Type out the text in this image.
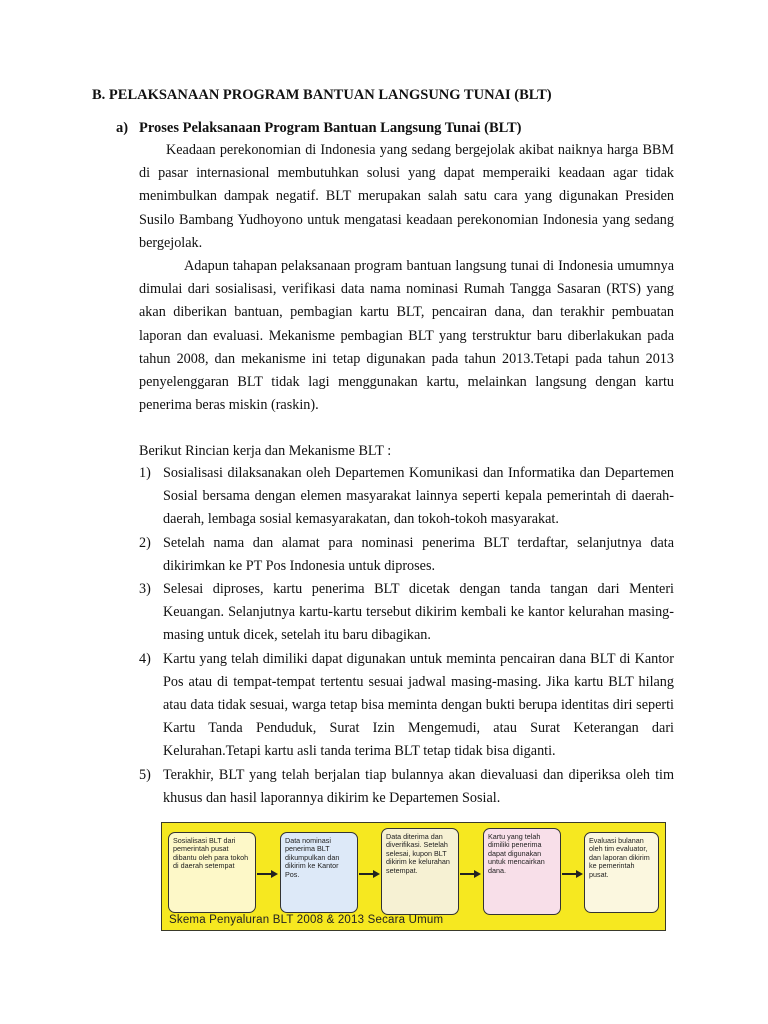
B. PELAKSANAAN PROGRAM BANTUAN LANGSUNG TUNAI (BLT)
a) Proses Pelaksanaan Program Bantuan Langsung Tunai (BLT)

Keadaan perekonomian di Indonesia yang sedang bergejolak akibat naiknya harga BBM di pasar internasional membutuhkan solusi yang dapat memperaiki keadaan agar tidak menimbulkan dampak negatif. BLT merupakan salah satu cara yang digunakan Presiden Susilo Bambang Yudhoyono untuk mengatasi keadaan perekonomian Indonesia yang sedang bergejolak.

Adapun tahapan pelaksanaan program bantuan langsung tunai di Indonesia umumnya dimulai dari sosialisasi, verifikasi data nama nominasi Rumah Tangga Sasaran (RTS) yang akan diberikan bantuan, pembagian kartu BLT, pencairan dana, dan terakhir pembuatan laporan dan evaluasi. Mekanisme pembagian BLT yang terstruktur baru diberlakukan pada tahun 2008, dan mekanisme ini tetap digunakan pada tahun 2013.Tetapi pada tahun 2013 penyelenggaran BLT tidak lagi menggunakan kartu, melainkan langsung dengan kartu penerima beras miskin (raskin).

Berikut Rincian kerja dan Mekanisme BLT :

1) Sosialisasi dilaksanakan oleh Departemen Komunikasi dan Informatika dan Departemen Sosial bersama dengan elemen masyarakat lainnya seperti kepala pemerintah di daerah-daerah, lembaga sosial kemasyarakatan, dan tokoh-tokoh masyarakat.
2) Setelah nama dan alamat para nominasi penerima BLT terdaftar, selanjutnya data dikirimkan ke PT Pos Indonesia untuk diproses.
3) Selesai diproses, kartu penerima BLT dicetak dengan tanda tangan dari Menteri Keuangan. Selanjutnya kartu-kartu tersebut dikirim kembali ke kantor kelurahan masing-masing untuk dicek, setelah itu baru dibagikan.
4) Kartu yang telah dimiliki dapat digunakan untuk meminta pencairan dana BLT di Kantor Pos atau di tempat-tempat tertentu sesuai jadwal masing-masing. Jika kartu BLT hilang atau data tidak sesuai, warga tetap bisa meminta dengan bukti berupa identitas diri seperti Kartu Tanda Penduduk, Surat Izin Mengemudi, atau Surat Keterangan dari Kelurahan.Tetapi kartu asli tanda terima BLT tetap tidak bisa diganti.
5) Terakhir, BLT yang telah berjalan tiap bulannya akan dievaluasi dan diperiksa oleh tim khusus dan hasil laporannya dikirim ke Departemen Sosial.
Sosialisasi BLT dari pemerintah pusat dibantu oleh para tokoh di daerah setempat
Data nominasi penerima BLT dikumpulkan dan dikirim ke Kantor Pos.
Data diterima dan diverifikasi. Setelah selesai, kupon BLT dikirim ke kelurahan setempat.
Kartu yang telah dimiliki penerima dapat digunakan untuk mencairkan dana.
Evaluasi bulanan oleh tim evaluator, dan laporan dikirim ke pemerintah pusat.
Skema Penyaluran BLT 2008 & 2013 Secara Umum
